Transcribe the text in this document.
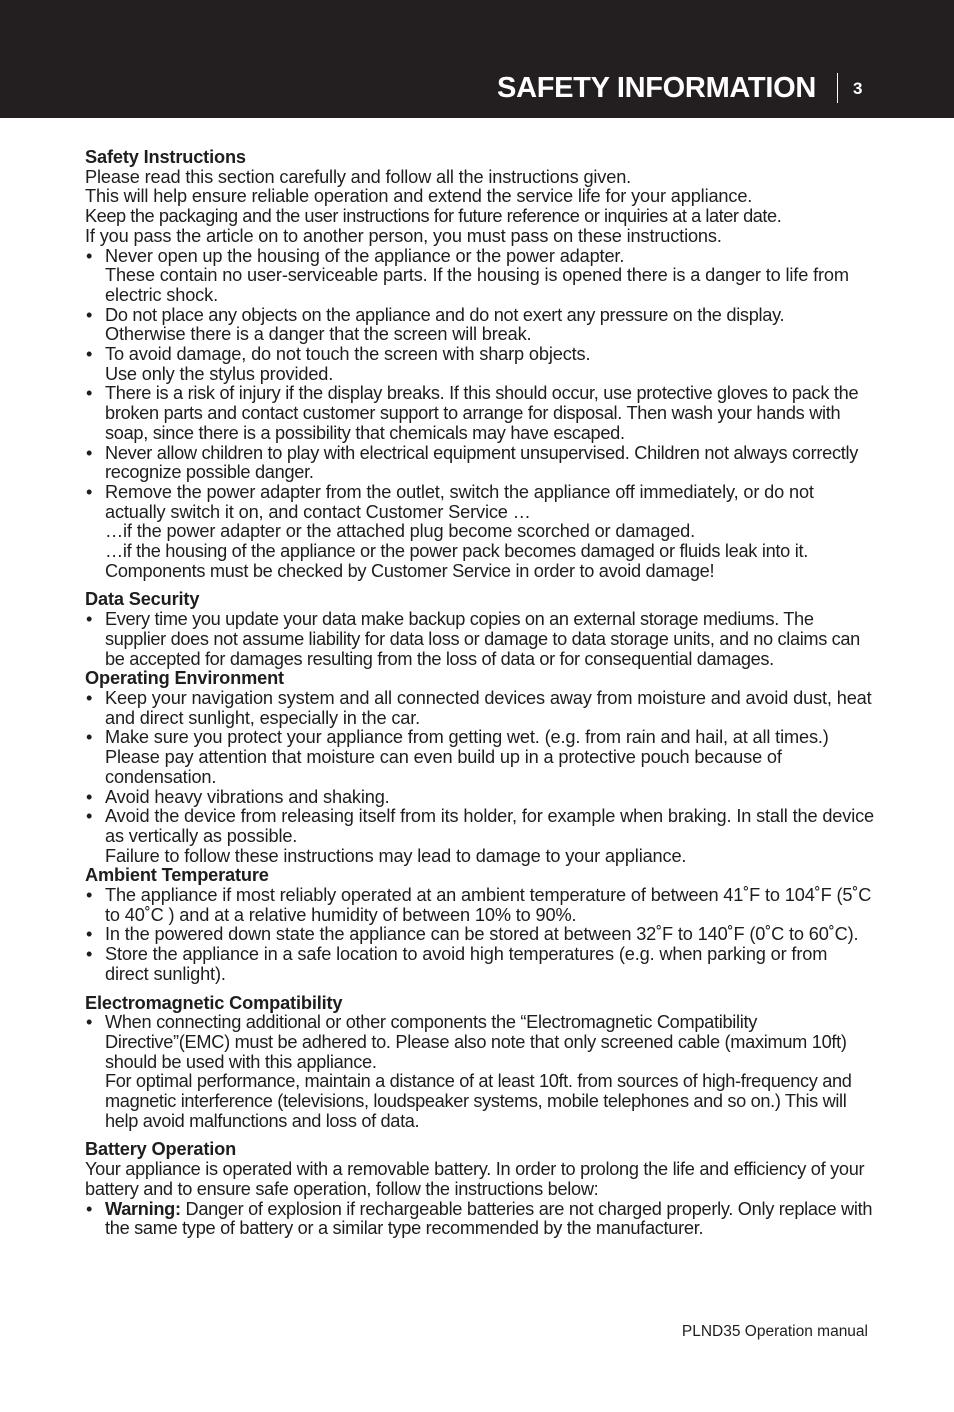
SAFETY INFORMATION 3

Safety Instructions

Please read this section carefully and follow all the instructions given.

This will help ensure reliable operation and extend the service life for your appliance.

Keep the packaging and the user instructions for future reference or inquiries at a later date.

If you pass the article on to another person, you must pass on these instructions.

• Never open up the housing of the appliance or the power adapter.
These contain no user-serviceable parts. If the housing is opened there is a danger to life from electric shock.
• Do not place any objects on the appliance and do not exert any pressure on the display.
Otherwise there is a danger that the screen will break.
• To avoid damage, do not touch the screen with sharp objects.
Use only the stylus provided.
• There is a risk of injury if the display breaks. If this should occur, use protective gloves to pack the broken parts and contact customer support to arrange for disposal. Then wash your hands with soap, since there is a possibility that chemicals may have escaped.
• Never allow children to play with electrical equipment unsupervised. Children not always correctly recognize possible danger.
• Remove the power adapter from the outlet, switch the appliance off immediately, or do not actually switch it on, and contact Customer Service …
…if the power adapter or the attached plug become scorched or damaged.
…if the housing of the appliance or the power pack becomes damaged or fluids leak into it. Components must be checked by Customer Service in order to avoid damage!

Data Security

• Every time you update your data make backup copies on an external storage mediums. The supplier does not assume liability for data loss or damage to data storage units, and no claims can be accepted for damages resulting from the loss of data or for consequential damages.

Operating Environment

• Keep your navigation system and all connected devices away from moisture and avoid dust, heat and direct sunlight, especially in the car.
• Make sure you protect your appliance from getting wet. (e.g. from rain and hail, at all times.)
Please pay attention that moisture can even build up in a protective pouch because of condensation.
• Avoid heavy vibrations and shaking.
• Avoid the device from releasing itself from its holder, for example when braking. In stall the device as vertically as possible.
Failure to follow these instructions may lead to damage to your appliance.

Ambient Temperature

• The appliance if most reliably operated at an ambient temperature of between 41˚F to 104˚F (5˚C to 40˚C ) and at a relative humidity of between 10% to 90%.
• In the powered down state the appliance can be stored at between 32˚F to 140˚F (0˚C to 60˚C).
• Store the appliance in a safe location to avoid high temperatures (e.g. when parking or from direct sunlight).

Electromagnetic Compatibility

• When connecting additional or other components the “Electromagnetic Compatibility Directive”(EMC) must be adhered to. Please also note that only screened cable (maximum 10ft) should be used with this appliance.
For optimal performance, maintain a distance of at least 10ft. from sources of high-frequency and magnetic interference (televisions, loudspeaker systems, mobile telephones and so on.) This will help avoid malfunctions and loss of data.

Battery Operation

Your appliance is operated with a removable battery. In order to prolong the life and efficiency of your battery and to ensure safe operation, follow the instructions below:

• Warning: Danger of explosion if rechargeable batteries are not charged properly. Only replace with the same type of battery or a similar type recommended by the manufacturer.
PLND35 Operation manual
